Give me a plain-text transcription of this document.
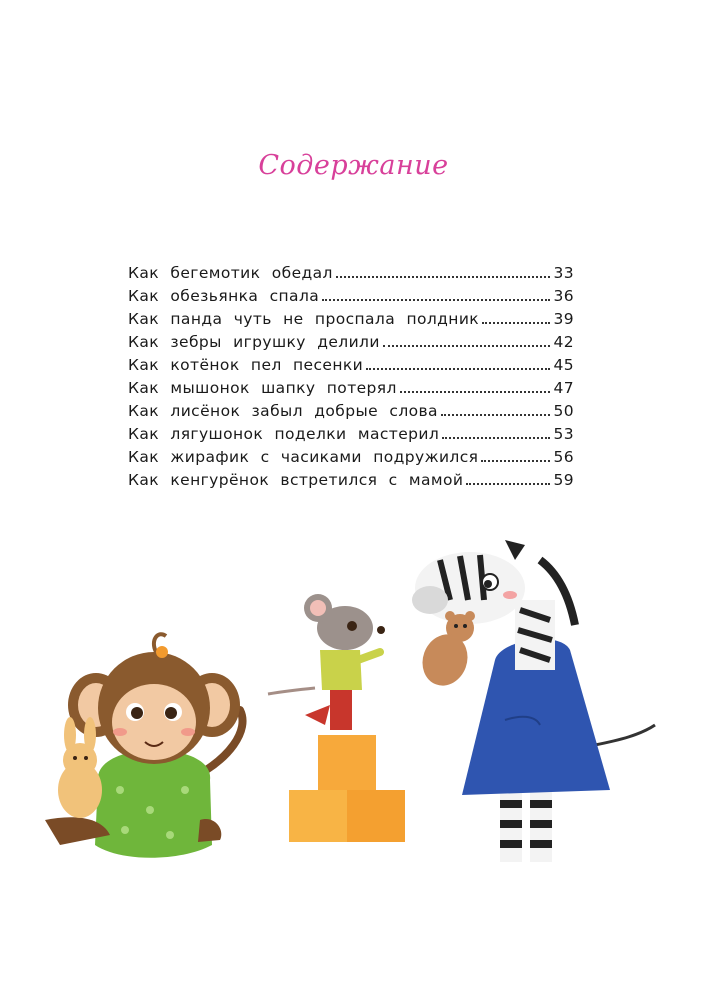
Содержание
Как бегемотик обедал	33
Как обезьянка спала	36
Как панда чуть не проспала полдник	39
Как зебры игрушку делили	42
Как котёнок пел песенки	45
Как мышонок шапку потерял	47
Как лисёнок забыл добрые слова	50
Как лягушонок поделки мастерил	53
Как жирафик с часиками подружился	56
Как кенгурёнок встретился с мамой	59
